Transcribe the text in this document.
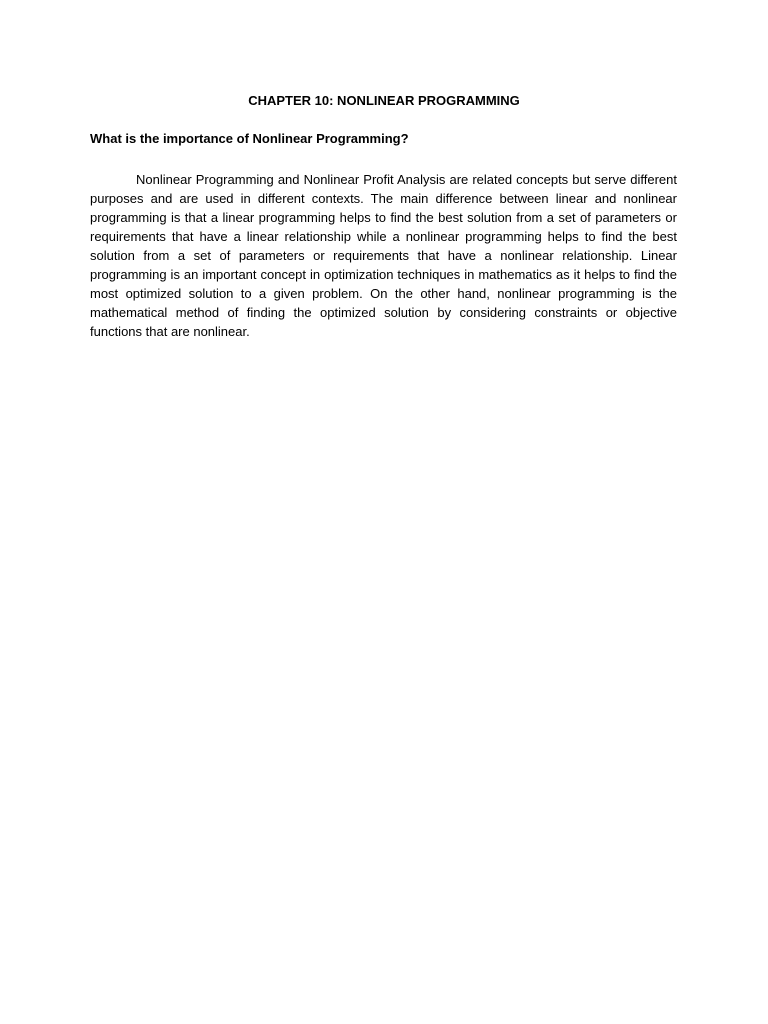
CHAPTER 10: NONLINEAR PROGRAMMING
What is the importance of Nonlinear Programming?

Nonlinear Programming and Nonlinear Profit Analysis are related concepts but serve different purposes and are used in different contexts. The main difference between linear and nonlinear programming is that a linear programming helps to find the best solution from a set of parameters or requirements that have a linear relationship while a nonlinear programming helps to find the best solution from a set of parameters or requirements that have a nonlinear relationship. Linear programming is an important concept in optimization techniques in mathematics as it helps to find the most optimized solution to a given problem. On the other hand, nonlinear programming is the mathematical method of finding the optimized solution by considering constraints or objective functions that are nonlinear.
